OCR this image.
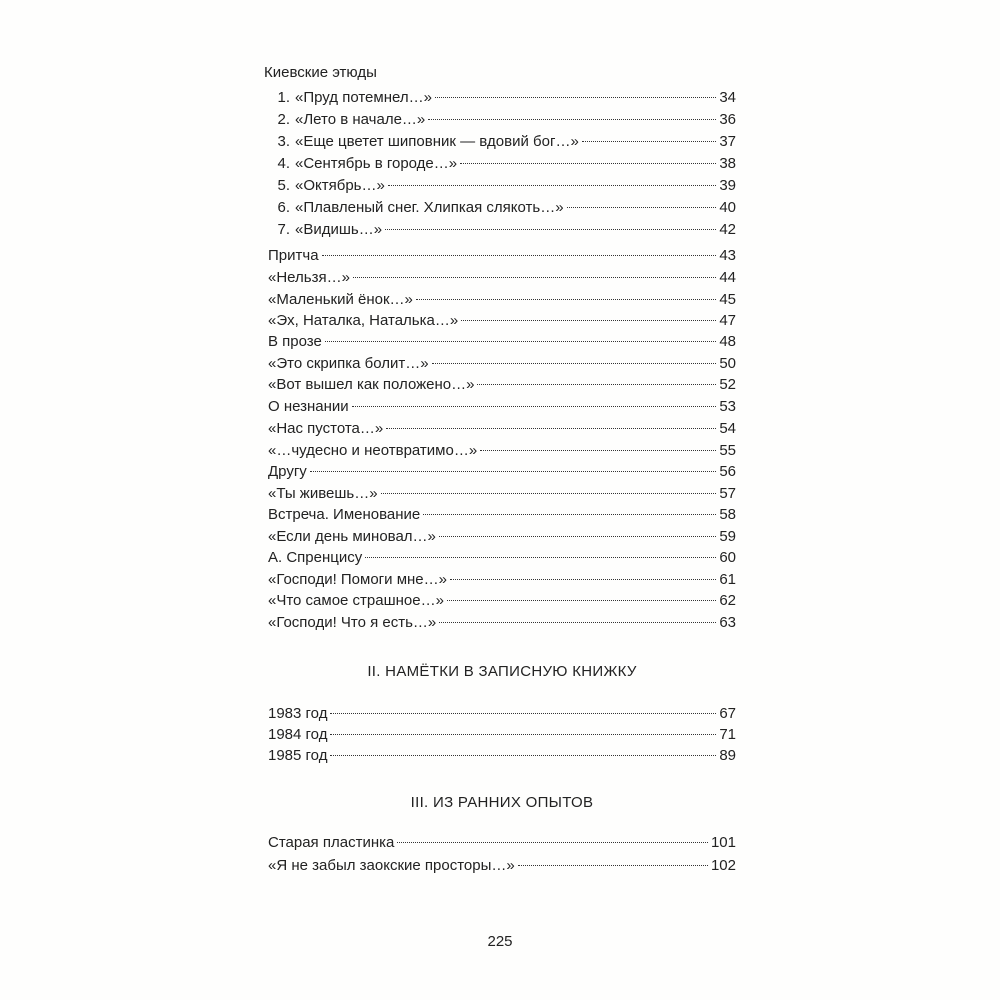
Киевские этюды
1. «Пруд потемнел…»	34
2. «Лето в начале…»	36
3. «Еще цветет шиповник — вдовий бог…»	37
4. «Сентябрь в городе…»	38
5. «Октябрь…»	39
6. «Плавленый снег. Хлипкая слякоть…»	40
7. «Видишь…»	42
Притча	43
«Нельзя…»	44
«Маленький ёнок…»	45
«Эх, Наталка, Наталька…»	47
В прозе	48
«Это скрипка болит…»	50
«Вот вышел как положено…»	52
О незнании	53
«Нас пустота…»	54
«…чудесно и неотвратимо…»	55
Другу	56
«Ты живешь…»	57
Встреча. Именование	58
«Если день миновал…»	59
А. Спренцису	60
«Господи! Помоги мне…»	61
«Что самое страшное…»	62
«Господи! Что я есть…»	63
II. НАМЁТКИ В ЗАПИСНУЮ КНИЖКУ
1983 год	67
1984 год	71
1985 год	89
III. ИЗ РАННИХ ОПЫТОВ
Старая пластинка	101
«Я не забыл заокские просторы…»	102
225
